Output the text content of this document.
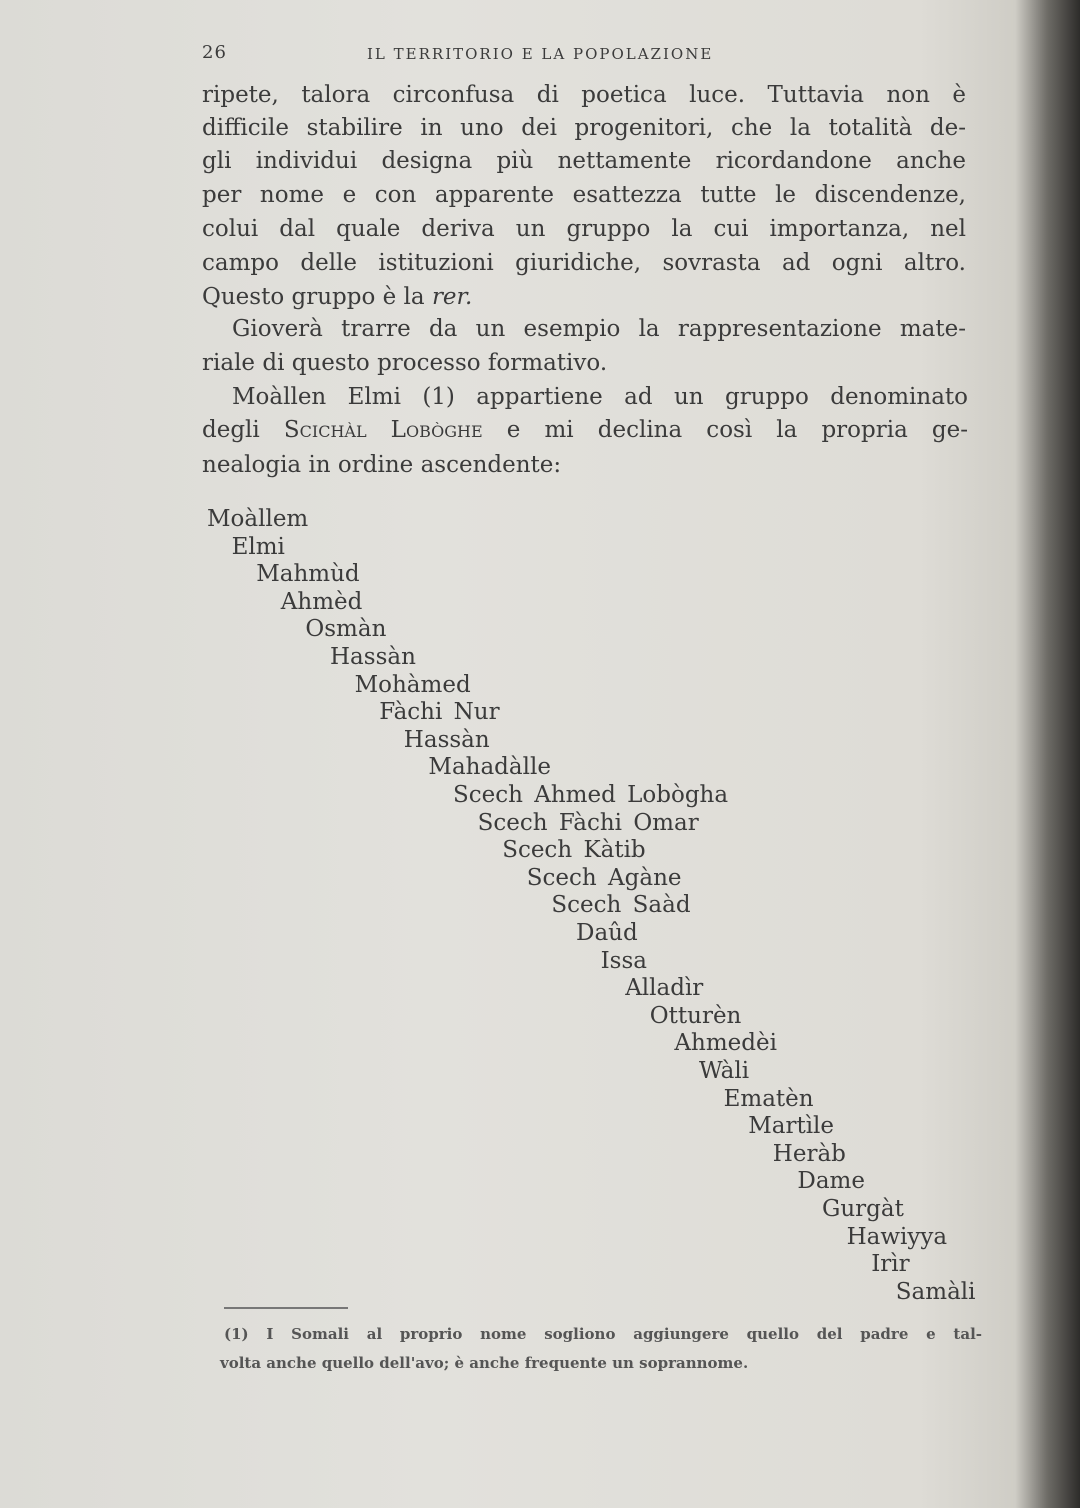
26	IL TERRITORIO E LA POPOLAZIONE
ripete, talora circonfusa di poetica luce. Tuttavia non è
difficile stabilire in uno dei progenitori, che la totalità de-
gli individui designa più nettamente ricordandone anche
per nome e con apparente esattezza tutte le discendenze,
colui dal quale deriva un gruppo la cui importanza, nel
campo delle istituzioni giuridiche, sovrasta ad ogni altro.
Questo gruppo è la rer.
Gioverà trarre da un esempio la rappresentazione mate-
riale di questo processo formativo.
Moàllen Elmi (1) appartiene ad un gruppo denominato
degli Scichàl Lobòghe e mi declina così la propria ge-
nealogia in ordine ascendente:
Moàllem
Elmi
Mahmùd
Ahmèd
Osmàn
Hassàn
Mohàmed
Fàchi Nur
Hassàn
Mahadàlle
Scech Ahmed Lobògha
Scech Fàchi Omar
Scech Kàtib
Scech Agàne
Scech Saàd
Daûd
Issa
Alladìr
Otturèn
Ahmedèi
Wàli
Ematèn
Martìle
Heràb
Dame
Gurgàt
Hawiyya
Irìr
Samàli
(1) I Somali al proprio nome sogliono aggiungere quello del padre e tal-
volta anche quello dell'avo; è anche frequente un soprannome.
